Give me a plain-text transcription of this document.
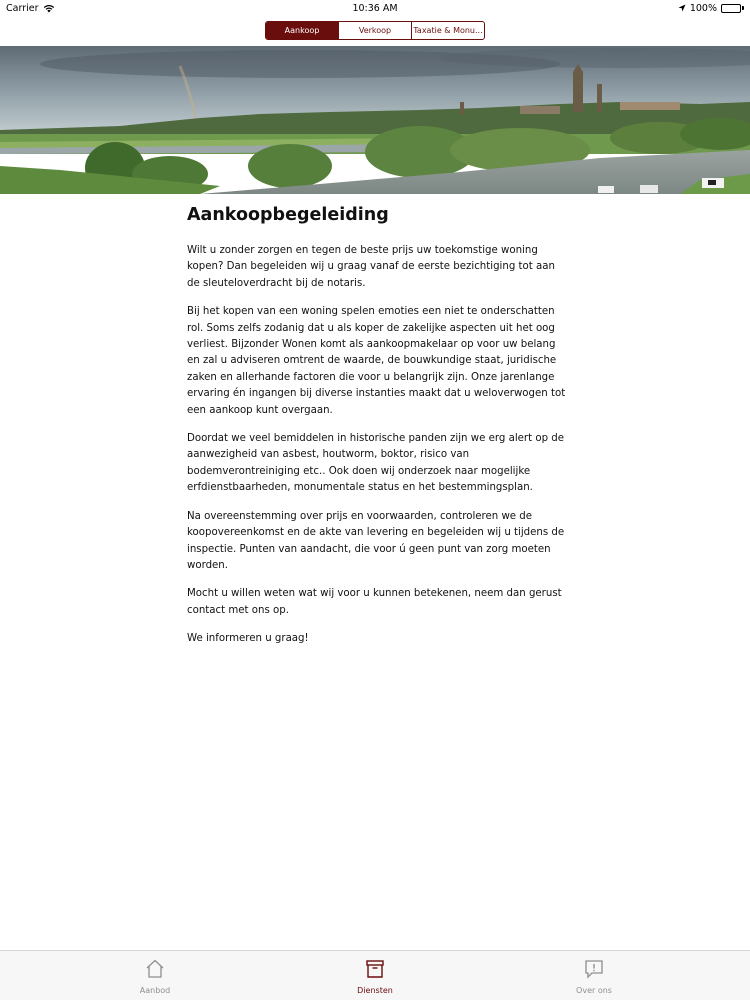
Carrier	10:36 AM	100%
Aankoop	Verkoop	Taxatie & Monu...
Aankoopbegeleiding

Wilt u zonder zorgen en tegen de beste prijs uw toekomstige woning kopen? Dan begeleiden wij u graag vanaf de eerste bezichtiging tot aan de sleuteloverdracht bij de notaris.

Bij het kopen van een woning spelen emoties een niet te onderschatten rol. Soms zelfs zodanig dat u als koper de zakelijke aspecten uit het oog verliest. Bijzonder Wonen komt als aankoopmakelaar op voor uw belang en zal u adviseren omtrent de waarde, de bouwkundige staat, juridische zaken en allerhande factoren die voor u belangrijk zijn. Onze jarenlange ervaring én ingangen bij diverse instanties maakt dat u weloverwogen tot een aankoop kunt overgaan.

Doordat we veel bemiddelen in historische panden zijn we erg alert op de aanwezigheid van asbest, houtworm, boktor, risico van bodemverontreiniging etc.. Ook doen wij onderzoek naar mogelijke erfdienstbaarheden, monumentale status en het bestemmingsplan.

Na overeenstemming over prijs en voorwaarden, controleren we de koopovereenkomst en de akte van levering en begeleiden wij u tijdens de inspectie. Punten van aandacht, die voor ú geen punt van zorg moeten worden.

Mocht u willen weten wat wij voor u kunnen betekenen, neem dan gerust contact met ons op.

We informeren u graag!

Aanbod	Diensten	Over ons
